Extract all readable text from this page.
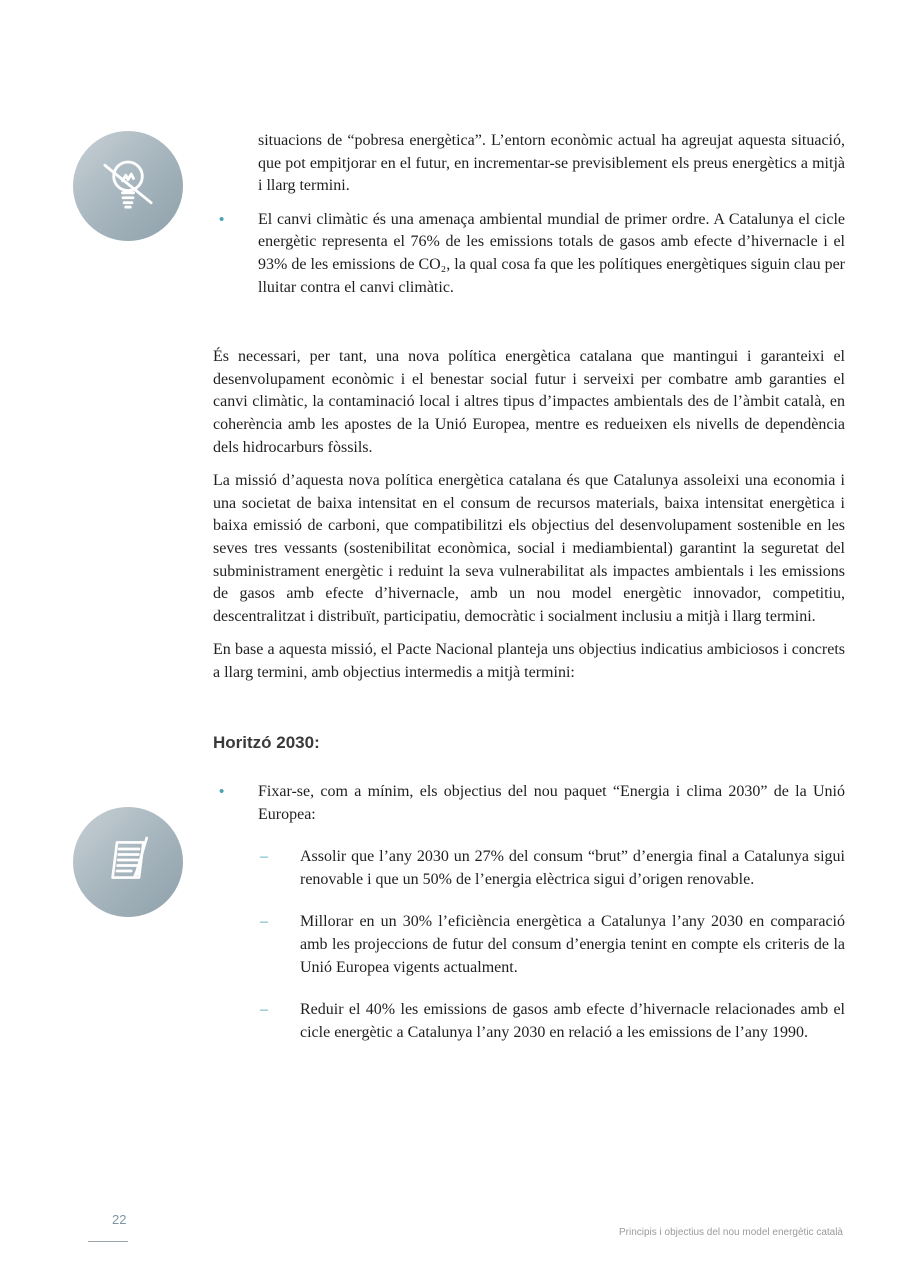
situacions de “pobresa energètica”. L’entorn econòmic actual ha agreujat aquesta situació, que pot empitjorar en el futur, en incrementar-se previsiblement els preus energètics a mitjà i llarg termini.

•	El canvi climàtic és una amenaça ambiental mundial de primer ordre. A Catalunya el cicle energètic representa el 76% de les emissions totals de gasos amb efecte d’hivernacle i el 93% de les emissions de CO₂, la qual cosa fa que les polítiques energètiques siguin clau per lluitar contra el canvi climàtic.

És necessari, per tant, una nova política energètica catalana que mantingui i garanteixi el desenvolupament econòmic i el benestar social futur i serveixi per combatre amb garanties el canvi climàtic, la contaminació local i altres tipus d’impactes ambientals des de l’àmbit català, en coherència amb les apostes de la Unió Europea, mentre es redueixen els nivells de dependència dels hidrocarburs fòssils.

La missió d’aquesta nova política energètica catalana és que Catalunya assoleixi una economia i una societat de baixa intensitat en el consum de recursos materials, baixa intensitat energètica i baixa emissió de carboni, que compatibilitzi els objectius del desenvolupament sostenible en les seves tres vessants (sostenibilitat econòmica, social i mediambiental) garantint la seguretat del subministrament energètic i reduint la seva vulnerabilitat als impactes ambientals i les emissions de gasos amb efecte d’hivernacle, amb un nou model energètic innovador, competitiu, descentralitzat i distribuït, participatiu, democràtic i socialment inclusiu a mitjà i llarg termini.

En base a aquesta missió, el Pacte Nacional planteja uns objectius indicatius ambiciosos i concrets a llarg termini, amb objectius intermedis a mitjà termini:

Horitzó 2030:
•	Fixar-se, com a mínim, els objectius del nou paquet “Energia i clima 2030” de la Unió Europea:
–	Assolir que l’any 2030 un 27% del consum “brut” d’energia final a Catalunya sigui renovable i que un 50% de l’energia elèctrica sigui d’origen renovable.
–	Millorar en un 30% l’eficiència energètica a Catalunya l’any 2030 en comparació amb les projeccions de futur del consum d’energia tenint en compte els criteris de la Unió Europea vigents actualment.
–	Reduir el 40% les emissions de gasos amb efecte d’hivernacle relacionades amb el cicle energètic a Catalunya l’any 2030 en relació a les emissions de l’any 1990.
22
Principis i objectius del nou model energètic català
